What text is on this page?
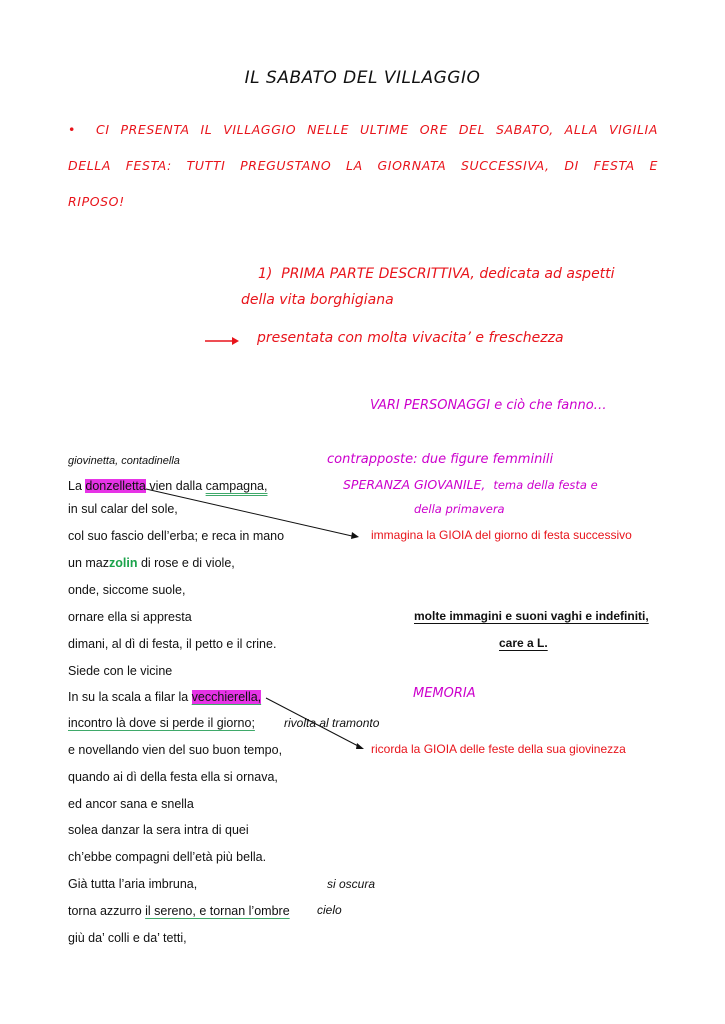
IL SABATO DEL VILLAGGIO
• CI PRESENTA IL VILLAGGIO NELLE ULTIME ORE DEL SABATO, ALLA VIGILIA
DELLA FESTA: TUTTI PREGUSTANO LA GIORNATA SUCCESSIVA, DI FESTA E
RIPOSO!
1) PRIMA PARTE DESCRITTIVA, dedicata ad aspetti
della vita borghigiana
presentata con molta vivacita’ e freschezza
VARI PERSONAGGI e ciò che fanno…
giovinetta, contadinella	contrapposte: due figure femminili
SPERANZA GIOVANILE, tema della festa e
della primavera
immagina la GIOIA del giorno di festa successivo
molte immagini e suoni vaghi e indefiniti,
care a L.
MEMORIA
rivolta al tramonto
ricorda la GIOIA delle feste della sua giovinezza
si oscura
cielo
La donzelletta vien dalla campagna,
in sul calar del sole,
col suo fascio dell’erba; e reca in mano
un mazzolin di rose e di viole,
onde, siccome suole,
ornare ella si appresta
dimani, al dì di festa, il petto e il crine.
Siede con le vicine
In su la scala a filar la vecchierella,
incontro là dove si perde il giorno;
e novellando vien del suo buon tempo,
quando ai dì della festa ella si ornava,
ed ancor sana e snella
solea danzar la sera intra di quei
ch’ebbe compagni dell’età più bella.
Già tutta l’aria imbruna,
torna azzurro il sereno, e tornan l’ombre
giù da’ colli e da’ tetti,
